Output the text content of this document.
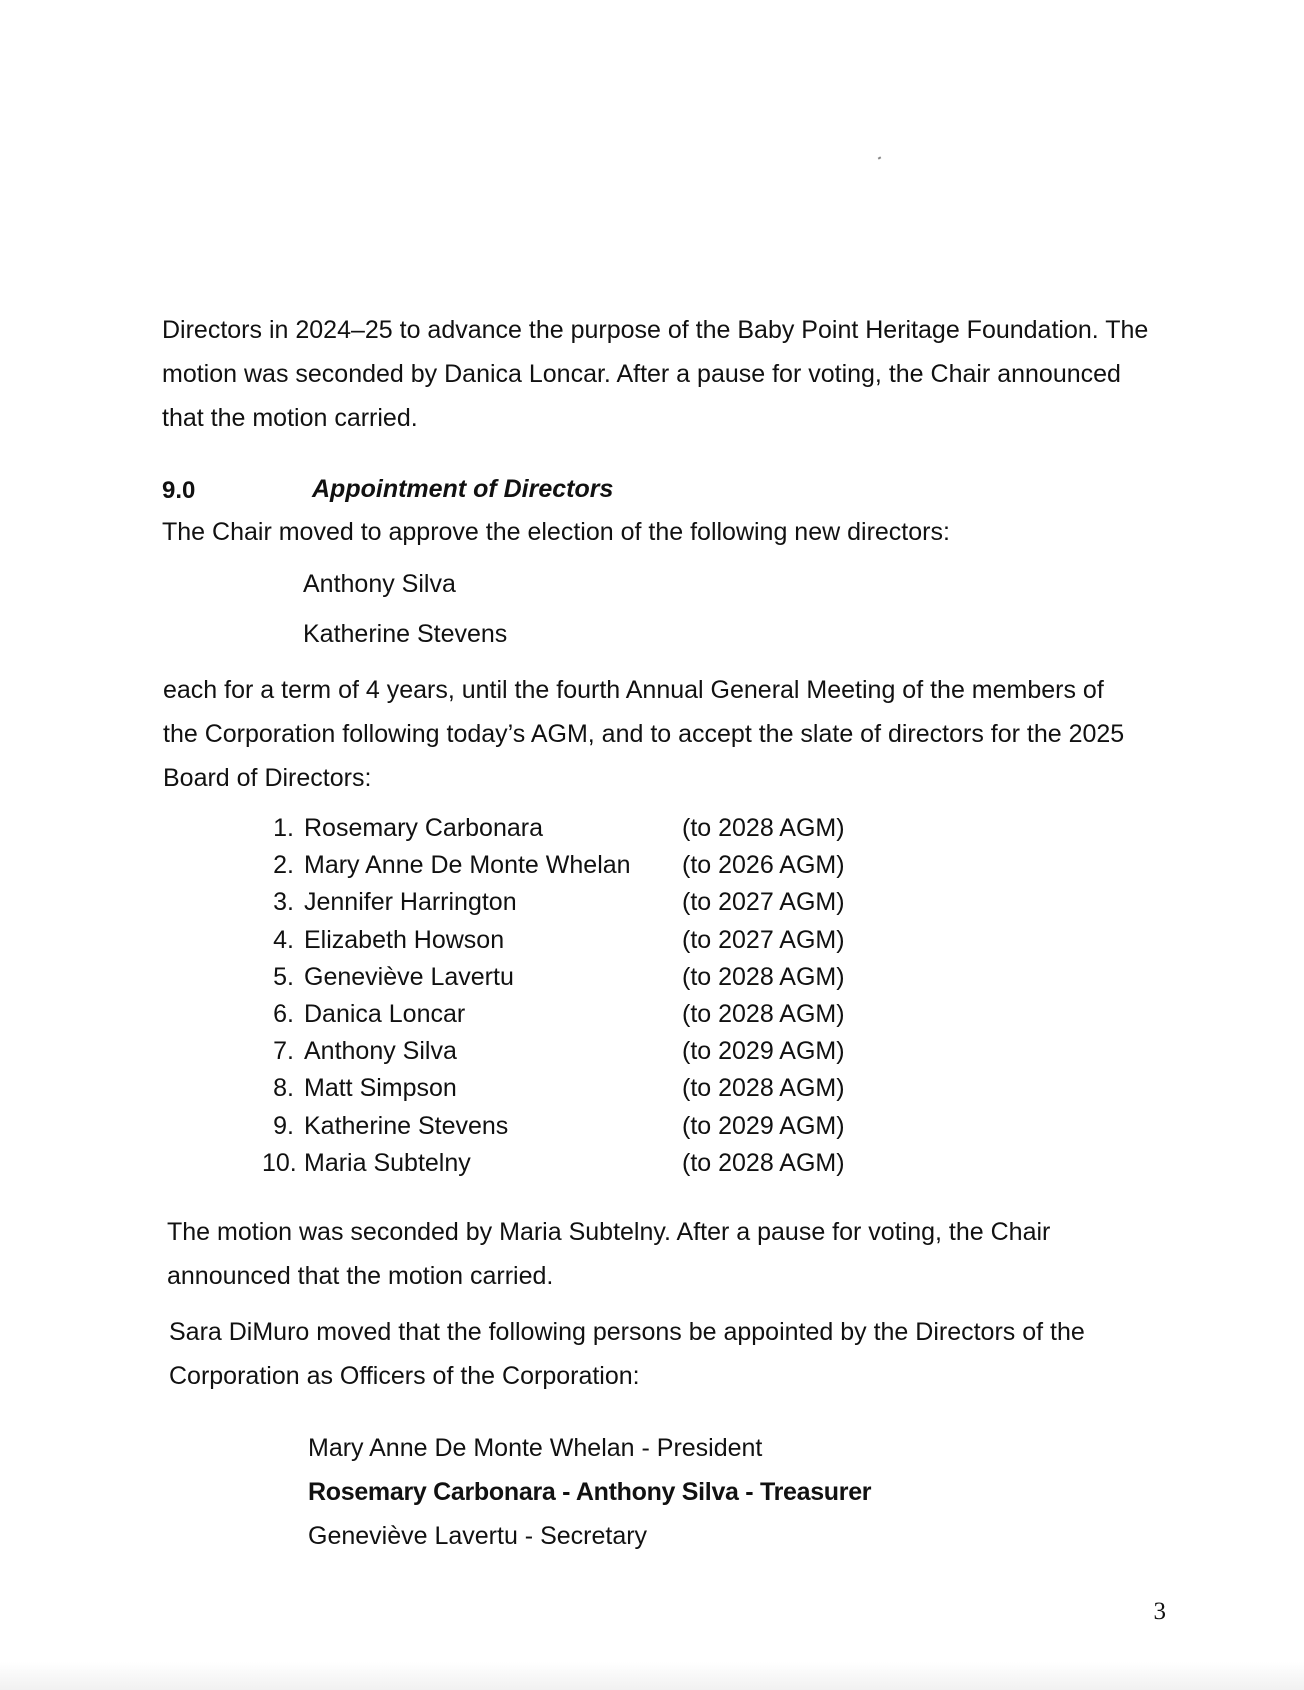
Directors in 2024–25 to advance the purpose of the Baby Point Heritage Foundation. The
motion was seconded by Danica Loncar. After a pause for voting, the Chair announced
that the motion carried.

9.0	Appointment of Directors

The Chair moved to approve the election of the following new directors:

Anthony Silva
Katherine Stevens

each for a term of 4 years, until the fourth Annual General Meeting of the members of
the Corporation following today’s AGM, and to accept the slate of directors for the 2025
Board of Directors:

1. Rosemary Carbonara	(to 2028 AGM)
2. Mary Anne De Monte Whelan	(to 2026 AGM)
3. Jennifer Harrington	(to 2027 AGM)
4. Elizabeth Howson	(to 2027 AGM)
5. Geneviève Lavertu	(to 2028 AGM)
6. Danica Loncar	(to 2028 AGM)
7. Anthony Silva	(to 2029 AGM)
8. Matt Simpson	(to 2028 AGM)
9. Katherine Stevens	(to 2029 AGM)
10. Maria Subtelny	(to 2028 AGM)

The motion was seconded by Maria Subtelny. After a pause for voting, the Chair
announced that the motion carried.

Sara DiMuro moved that the following persons be appointed by the Directors of the
Corporation as Officers of the Corporation:

Mary Anne De Monte Whelan - President
Rosemary Carbonara - Anthony Silva - Treasurer
Geneviève Lavertu - Secretary
3
